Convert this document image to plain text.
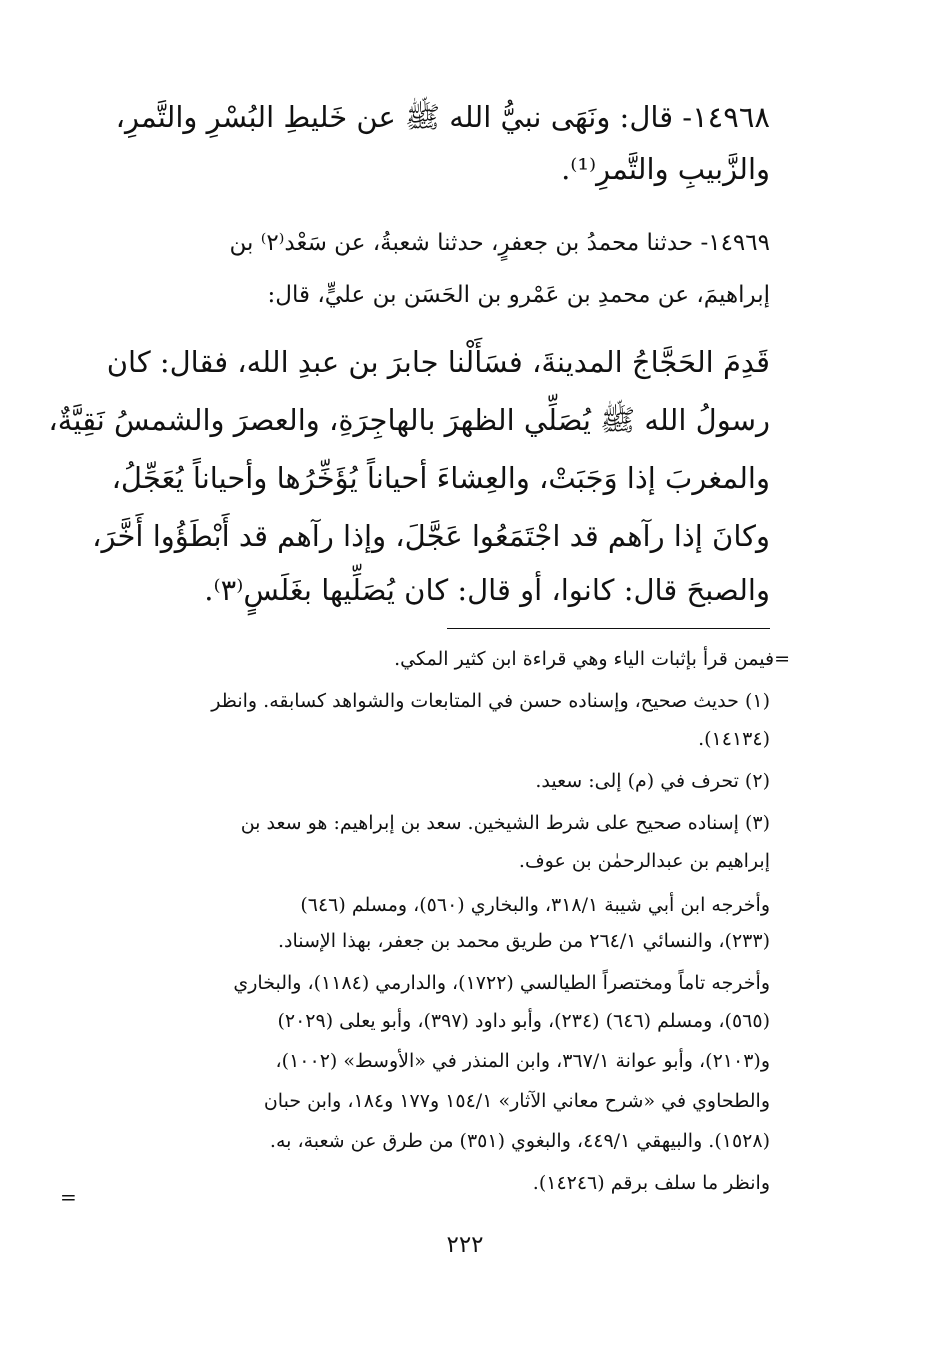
١٤٩٦٨- قال: ونَهَى نبيُّ الله ﷺ عن خَليطِ البُسْرِ والتَّمرِ،
والزَّبيبِ والتَّمرِ⁽¹⁾.
١٤٩٦٩- حدثنا محمدُ بن جعفرٍ، حدثنا شعبةُ، عن سَعْد⁽٢⁾ بن
إبراهيمَ، عن محمدِ بن عَمْرو بن الحَسَن بن عليٍّ، قال:
قَدِمَ الحَجَّاجُ المدينةَ، فسَأَلْنا جابرَ بن عبدِ الله، فقال: كان
رسولُ الله ﷺ يُصَلِّي الظهرَ بالهاجِرَةِ، والعصرَ والشمسُ نَقِيَّةٌ،
والمغربَ إذا وَجَبَتْ، والعِشاءَ أحياناً يُؤَخِّرُها وأحياناً يُعَجِّلُ،
وكانَ إذا رآهم قد اجْتَمَعُوا عَجَّلَ، وإذا رآهم قد أَبْطَؤُوا أَخَّرَ،
والصبحَ قال: كانوا، أو قال: كان يُصَلِّيها بغَلَسٍ⁽٣⁾.
=فيمن قرأ بإثبات الياء وهي قراءة ابن كثير المكي.
(١) حديث صحيح، وإسناده حسن في المتابعات والشواهد كسابقه. وانظر
(١٤١٣٤).
(٢) تحرف في (م) إلى: سعيد.
(٣) إسناده صحيح على شرط الشيخين. سعد بن إبراهيم: هو سعد بن
إبراهيم بن عبدالرحمٰن بن عوف.
وأخرجه ابن أبي شيبة ٣١٨/١، والبخاري (٥٦٠)، ومسلم (٦٤٦)
(٢٣٣)، والنسائي ٢٦٤/١ من طريق محمد بن جعفر، بهذا الإسناد.
وأخرجه تاماً ومختصراً الطيالسي (١٧٢٢)، والدارمي (١١٨٤)، والبخاري
(٥٦٥)، ومسلم (٦٤٦) (٢٣٤)، وأبو داود (٣٩٧)، وأبو يعلى (٢٠٢٩)
و(٢١٠٣)، وأبو عوانة ٣٦٧/١، وابن المنذر في «الأوسط» (١٠٠٢)،
والطحاوي في «شرح معاني الآثار» ١٥٤/١ و١٧٧ و١٨٤، وابن حبان
(١٥٢٨). والبيهقي ٤٤٩/١، والبغوي (٣٥١) من طرق عن شعبة، به.
وانظر ما سلف برقم (١٤٢٤٦).
=
٢٢٢
